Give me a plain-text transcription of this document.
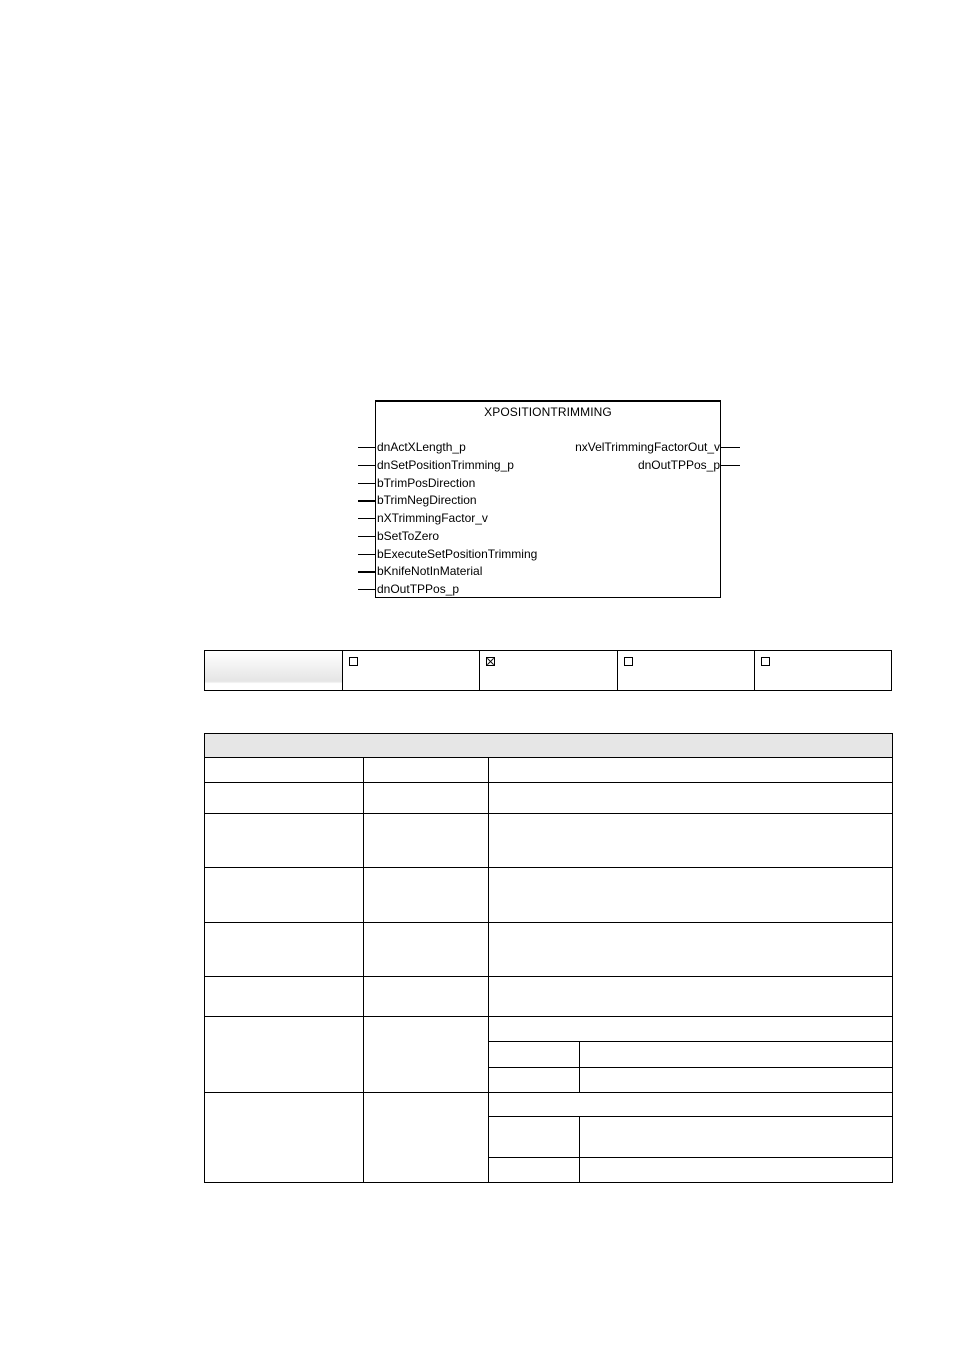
XPOSITIONTRIMMING
dnActXLength_p
dnSetPositionTrimming_p
bTrimPosDirection
bTrimNegDirection
nXTrimmingFactor_v
bSetToZero
bExecuteSetPositionTrimming
bKnifeNotInMaterial
dnOutTPPos_p
nxVelTrimmingFactorOut_v
dnOutTPPos_p
